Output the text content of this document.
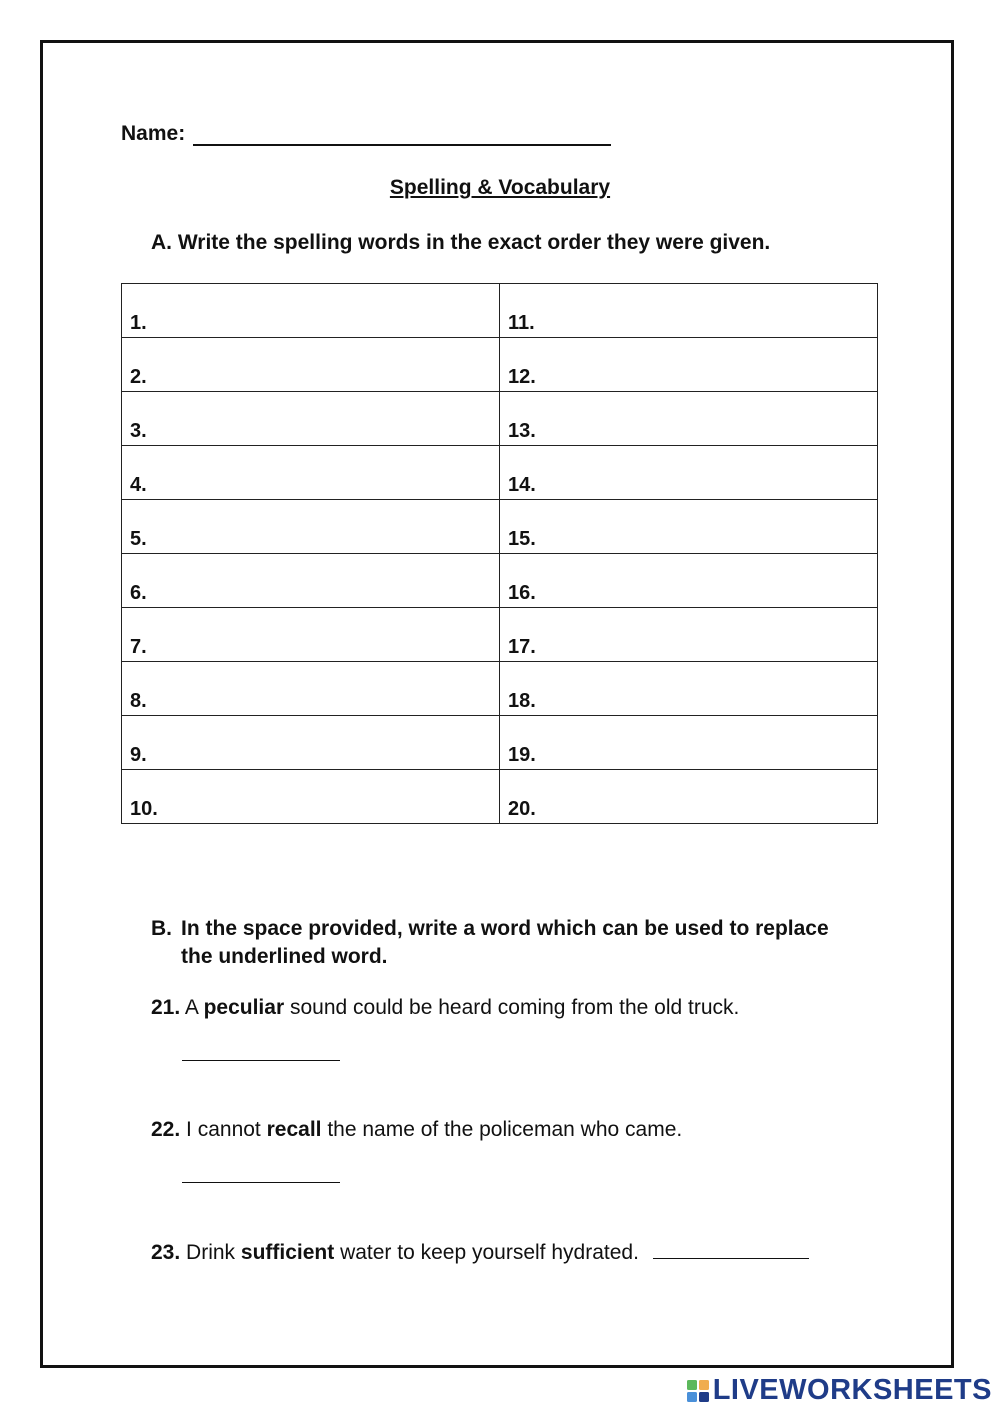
Name:
Spelling & Vocabulary
A. Write the spelling words in the exact order they were given.
1.	11.
2.	12.
3.	13.
4.	14.
5.	15.
6.	16.
7.	17.
8.	18.
9.	19.
10.	20.
B. In the space provided, write a word which can be used to replace the underlined word.
21. A peculiar sound could be heard coming from the old truck.
22. I cannot recall the name of the policeman who came.
23. Drink sufficient water to keep yourself hydrated.
LIVEWORKSHEETS
